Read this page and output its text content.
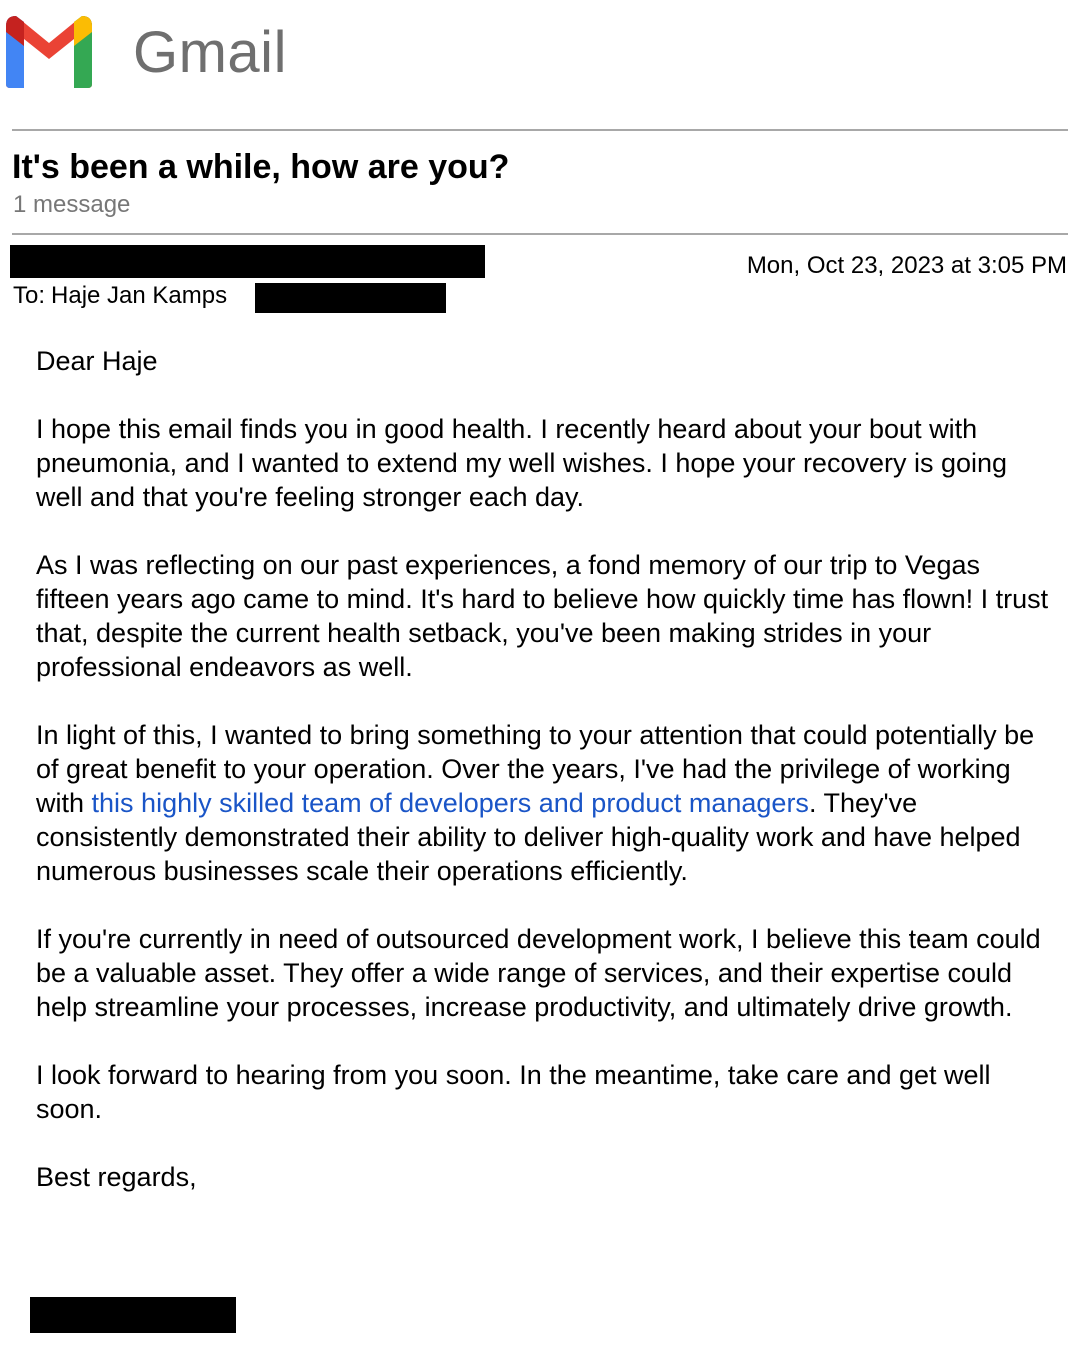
Gmail
It's been a while, how are you?
1 message
Mon, Oct 23, 2023 at 3:05 PM
To: Haje Jan Kamps

Dear Haje

I hope this email finds you in good health. I recently heard about your bout with pneumonia, and I wanted to extend my well wishes. I hope your recovery is going well and that you're feeling stronger each day.

As I was reflecting on our past experiences, a fond memory of our trip to Vegas fifteen years ago came to mind. It's hard to believe how quickly time has flown! I trust that, despite the current health setback, you've been making strides in your professional endeavors as well.

In light of this, I wanted to bring something to your attention that could potentially be of great benefit to your operation. Over the years, I've had the privilege of working with this highly skilled team of developers and product managers. They've consistently demonstrated their ability to deliver high-quality work and have helped numerous businesses scale their operations efficiently.

If you're currently in need of outsourced development work, I believe this team could be a valuable asset. They offer a wide range of services, and their expertise could help streamline your processes, increase productivity, and ultimately drive growth.

I look forward to hearing from you soon. In the meantime, take care and get well soon.

Best regards,
